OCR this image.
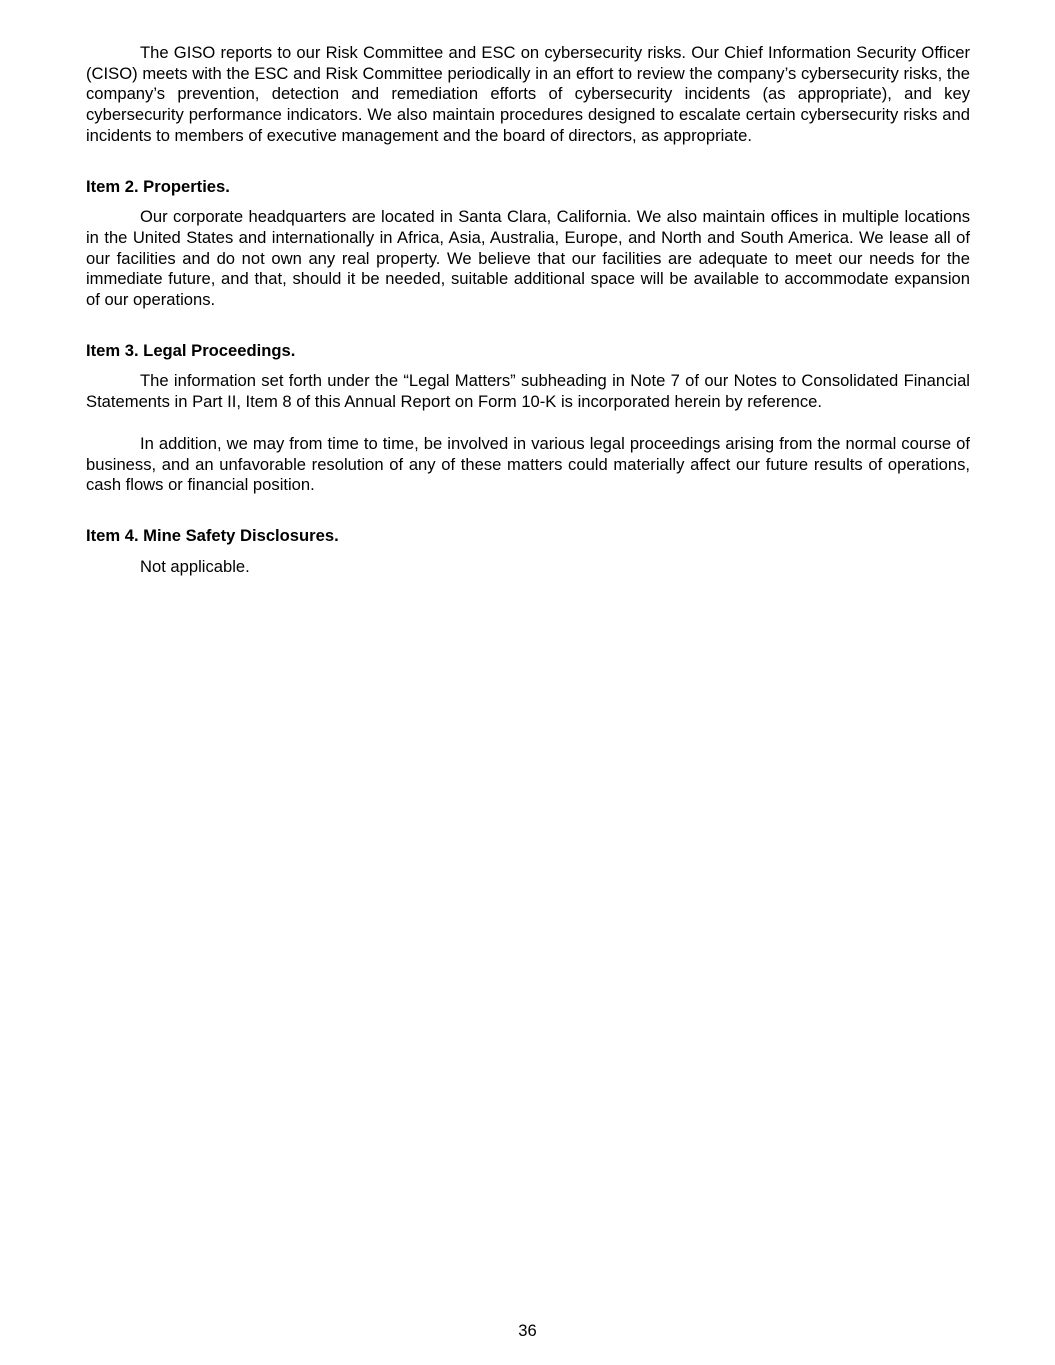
The GISO reports to our Risk Committee and ESC on cybersecurity risks. Our Chief Information Security Officer (CISO) meets with the ESC and Risk Committee periodically in an effort to review the company’s cybersecurity risks, the company’s prevention, detection and remediation efforts of cybersecurity incidents (as appropriate), and key cybersecurity performance indicators. We also maintain procedures designed to escalate certain cybersecurity risks and incidents to members of executive management and the board of directors, as appropriate.

Item 2. Properties.

Our corporate headquarters are located in Santa Clara, California. We also maintain offices in multiple locations in the United States and internationally in Africa, Asia, Australia, Europe, and North and South America. We lease all of our facilities and do not own any real property. We believe that our facilities are adequate to meet our needs for the immediate future, and that, should it be needed, suitable additional space will be available to accommodate expansion of our operations.

Item 3. Legal Proceedings.

The information set forth under the “Legal Matters” subheading in Note 7 of our Notes to Consolidated Financial Statements in Part II, Item 8 of this Annual Report on Form 10-K is incorporated herein by reference.

In addition, we may from time to time, be involved in various legal proceedings arising from the normal course of business, and an unfavorable resolution of any of these matters could materially affect our future results of operations, cash flows or financial position.

Item 4. Mine Safety Disclosures.

Not applicable.

36
